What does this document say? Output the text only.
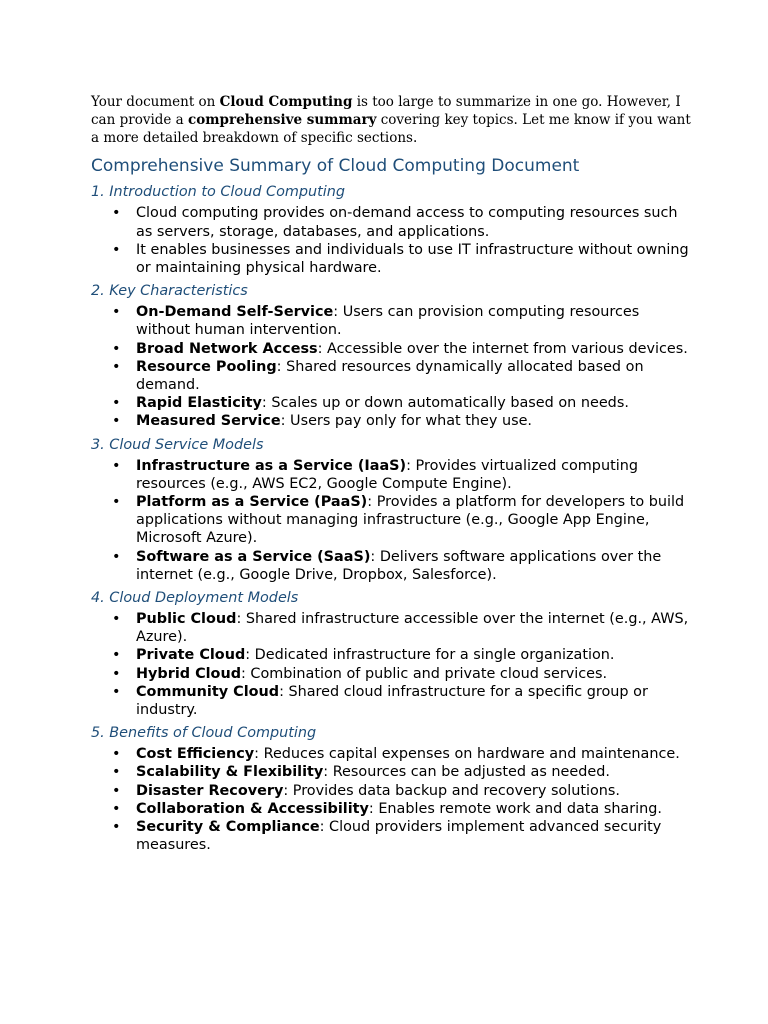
Your document on Cloud Computing is too large to summarize in one go. However, I can provide a comprehensive summary covering key topics. Let me know if you want a more detailed breakdown of specific sections.

Comprehensive Summary of Cloud Computing Document
1. Introduction to Cloud Computing
• Cloud computing provides on-demand access to computing resources such as servers, storage, databases, and applications.
• It enables businesses and individuals to use IT infrastructure without owning or maintaining physical hardware.
2. Key Characteristics
• On-Demand Self-Service: Users can provision computing resources without human intervention.
• Broad Network Access: Accessible over the internet from various devices.
• Resource Pooling: Shared resources dynamically allocated based on demand.
• Rapid Elasticity: Scales up or down automatically based on needs.
• Measured Service: Users pay only for what they use.
3. Cloud Service Models
• Infrastructure as a Service (IaaS): Provides virtualized computing resources (e.g., AWS EC2, Google Compute Engine).
• Platform as a Service (PaaS): Provides a platform for developers to build applications without managing infrastructure (e.g., Google App Engine, Microsoft Azure).
• Software as a Service (SaaS): Delivers software applications over the internet (e.g., Google Drive, Dropbox, Salesforce).
4. Cloud Deployment Models
• Public Cloud: Shared infrastructure accessible over the internet (e.g., AWS, Azure).
• Private Cloud: Dedicated infrastructure for a single organization.
• Hybrid Cloud: Combination of public and private cloud services.
• Community Cloud: Shared cloud infrastructure for a specific group or industry.
5. Benefits of Cloud Computing
• Cost Efficiency: Reduces capital expenses on hardware and maintenance.
• Scalability & Flexibility: Resources can be adjusted as needed.
• Disaster Recovery: Provides data backup and recovery solutions.
• Collaboration & Accessibility: Enables remote work and data sharing.
• Security & Compliance: Cloud providers implement advanced security measures.
